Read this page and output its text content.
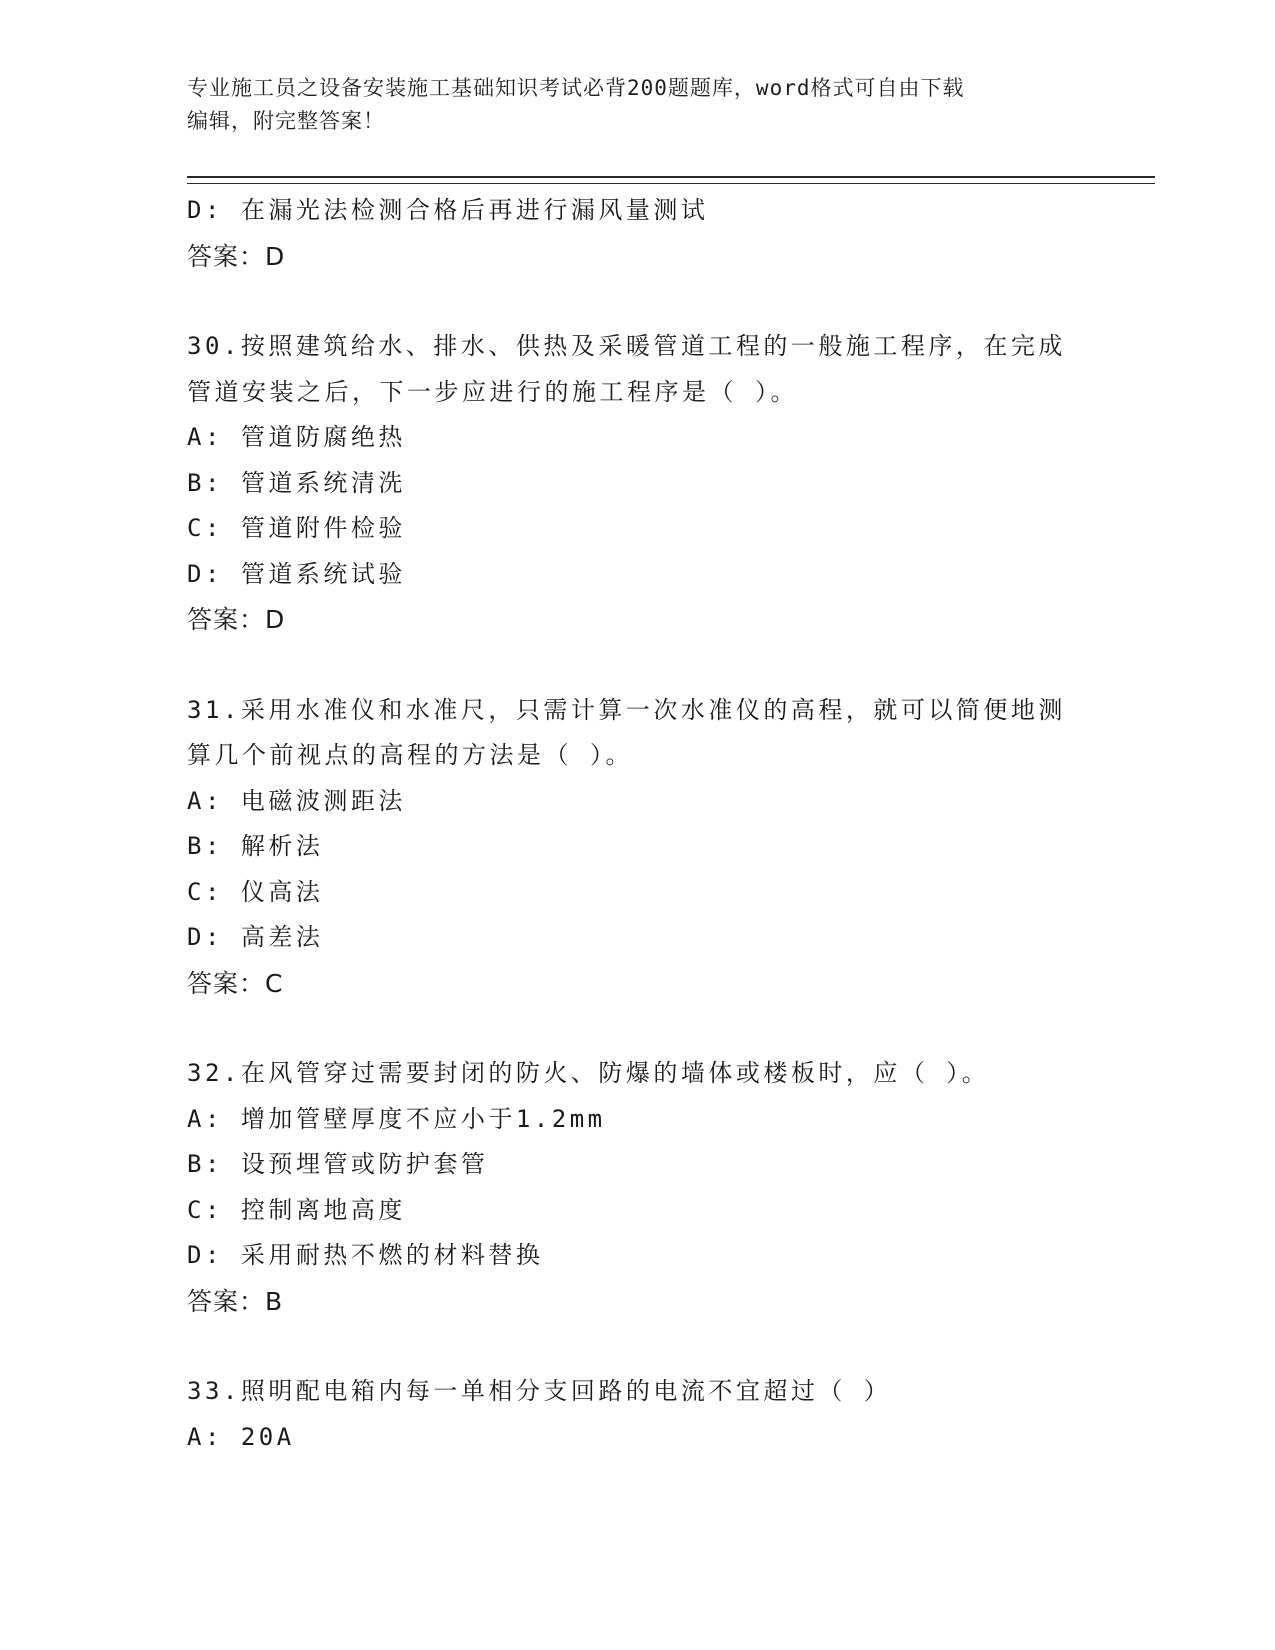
专业施工员之设备安装施工基础知识考试必背200题题库，word格式可自由下载
编辑，附完整答案！
D: 在漏光法检测合格后再进行漏风量测试
答案：D
30.按照建筑给水、排水、供热及采暖管道工程的一般施工程序，在完成管道安装之后，下一步应进行的施工程序是（ ）。
A: 管道防腐绝热
B: 管道系统清洗
C: 管道附件检验
D: 管道系统试验
答案：D
31.采用水准仪和水准尺，只需计算一次水准仪的高程，就可以简便地测算几个前视点的高程的方法是（ ）。
A: 电磁波测距法
B: 解析法
C: 仪高法
D: 高差法
答案：C
32.在风管穿过需要封闭的防火、防爆的墙体或楼板时，应（ ）。
A: 增加管壁厚度不应小于1.2mm
B: 设预埋管或防护套管
C: 控制离地高度
D: 采用耐热不燃的材料替换
答案：B
33.照明配电箱内每一单相分支回路的电流不宜超过（ ）
A: 20A
